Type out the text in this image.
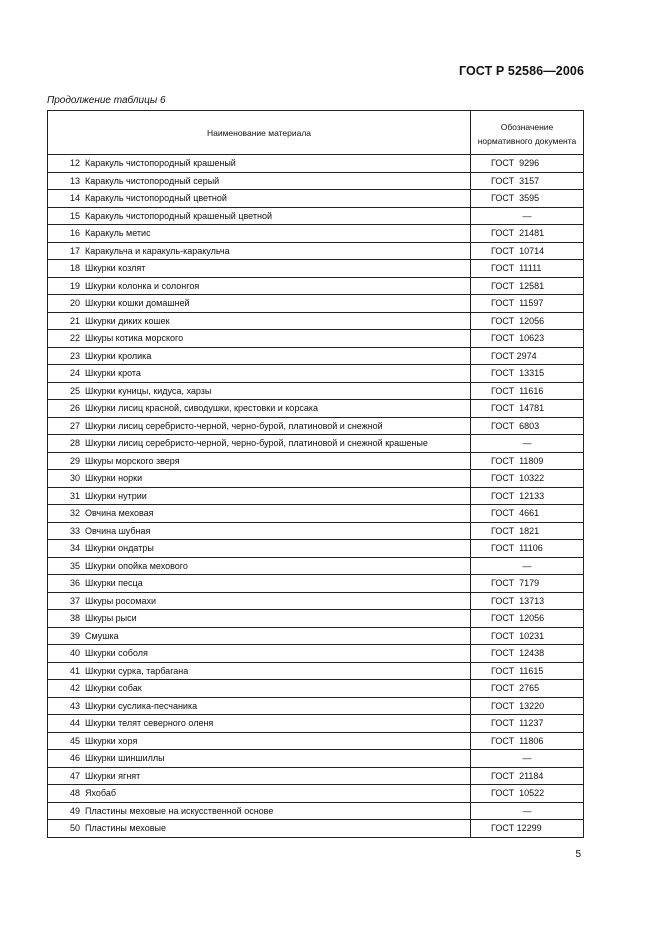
ГОСТ Р 52586—2006
Продолжение таблицы 6
Наименование материала	Обозначение
нормативного документа
12 Каракуль чистопородный крашеный	ГОСТ  9296
13 Каракуль чистопородный серый	ГОСТ  3157
14 Каракуль чистопородный цветной	ГОСТ  3595
15 Каракуль чистопородный крашеный цветной	—
16 Каракуль метис	ГОСТ  21481
17 Каракульча и каракуль-каракульча	ГОСТ  10714
18 Шкурки козлят	ГОСТ  11111
19 Шкурки колонка и солонгоя	ГОСТ  12581
20 Шкурки кошки домашней	ГОСТ  11597
21 Шкурки диких кошек	ГОСТ  12056
22 Шкуры котика морского	ГОСТ  10623
23 Шкурки кролика	ГОСТ 2974
24 Шкурки крота	ГОСТ  13315
25 Шкурки куницы, кидуса, харзы	ГОСТ  11616
26 Шкурки лисиц красной, сиводушки, крестовки и корсака	ГОСТ  14781
27 Шкурки лисиц серебристо-черной, черно-бурой, платиновой и снежной	ГОСТ  6803
28 Шкурки лисиц серебристо-черной, черно-бурой, платиновой и снежной крашеные	—
29 Шкуры морского зверя	ГОСТ  11809
30 Шкурки норки	ГОСТ  10322
31 Шкурки нутрии	ГОСТ  12133
32 Овчина меховая	ГОСТ  4661
33 Овчина шубная	ГОСТ  1821
34 Шкурки ондатры	ГОСТ  11106
35 Шкурки опойка мехового	—
36 Шкурки песца	ГОСТ  7179
37 Шкуры росомахи	ГОСТ  13713
38 Шкуры рыси	ГОСТ  12056
39 Смушка	ГОСТ  10231
40 Шкурки соболя	ГОСТ  12438
41 Шкурки сурка, тарбагана	ГОСТ  11615
42 Шкурки собак	ГОСТ  2765
43 Шкурки суслика-песчаника	ГОСТ  13220
44 Шкурки телят северного оленя	ГОСТ  11237
45 Шкурки хоря	ГОСТ  11806
46 Шкурки шиншиллы	—
47 Шкурки ягнят	ГОСТ  21184
48 Яхобаб	ГОСТ  10522
49 Пластины меховые на искусственной основе	—
50 Пластины меховые	ГОСТ 12299
5
